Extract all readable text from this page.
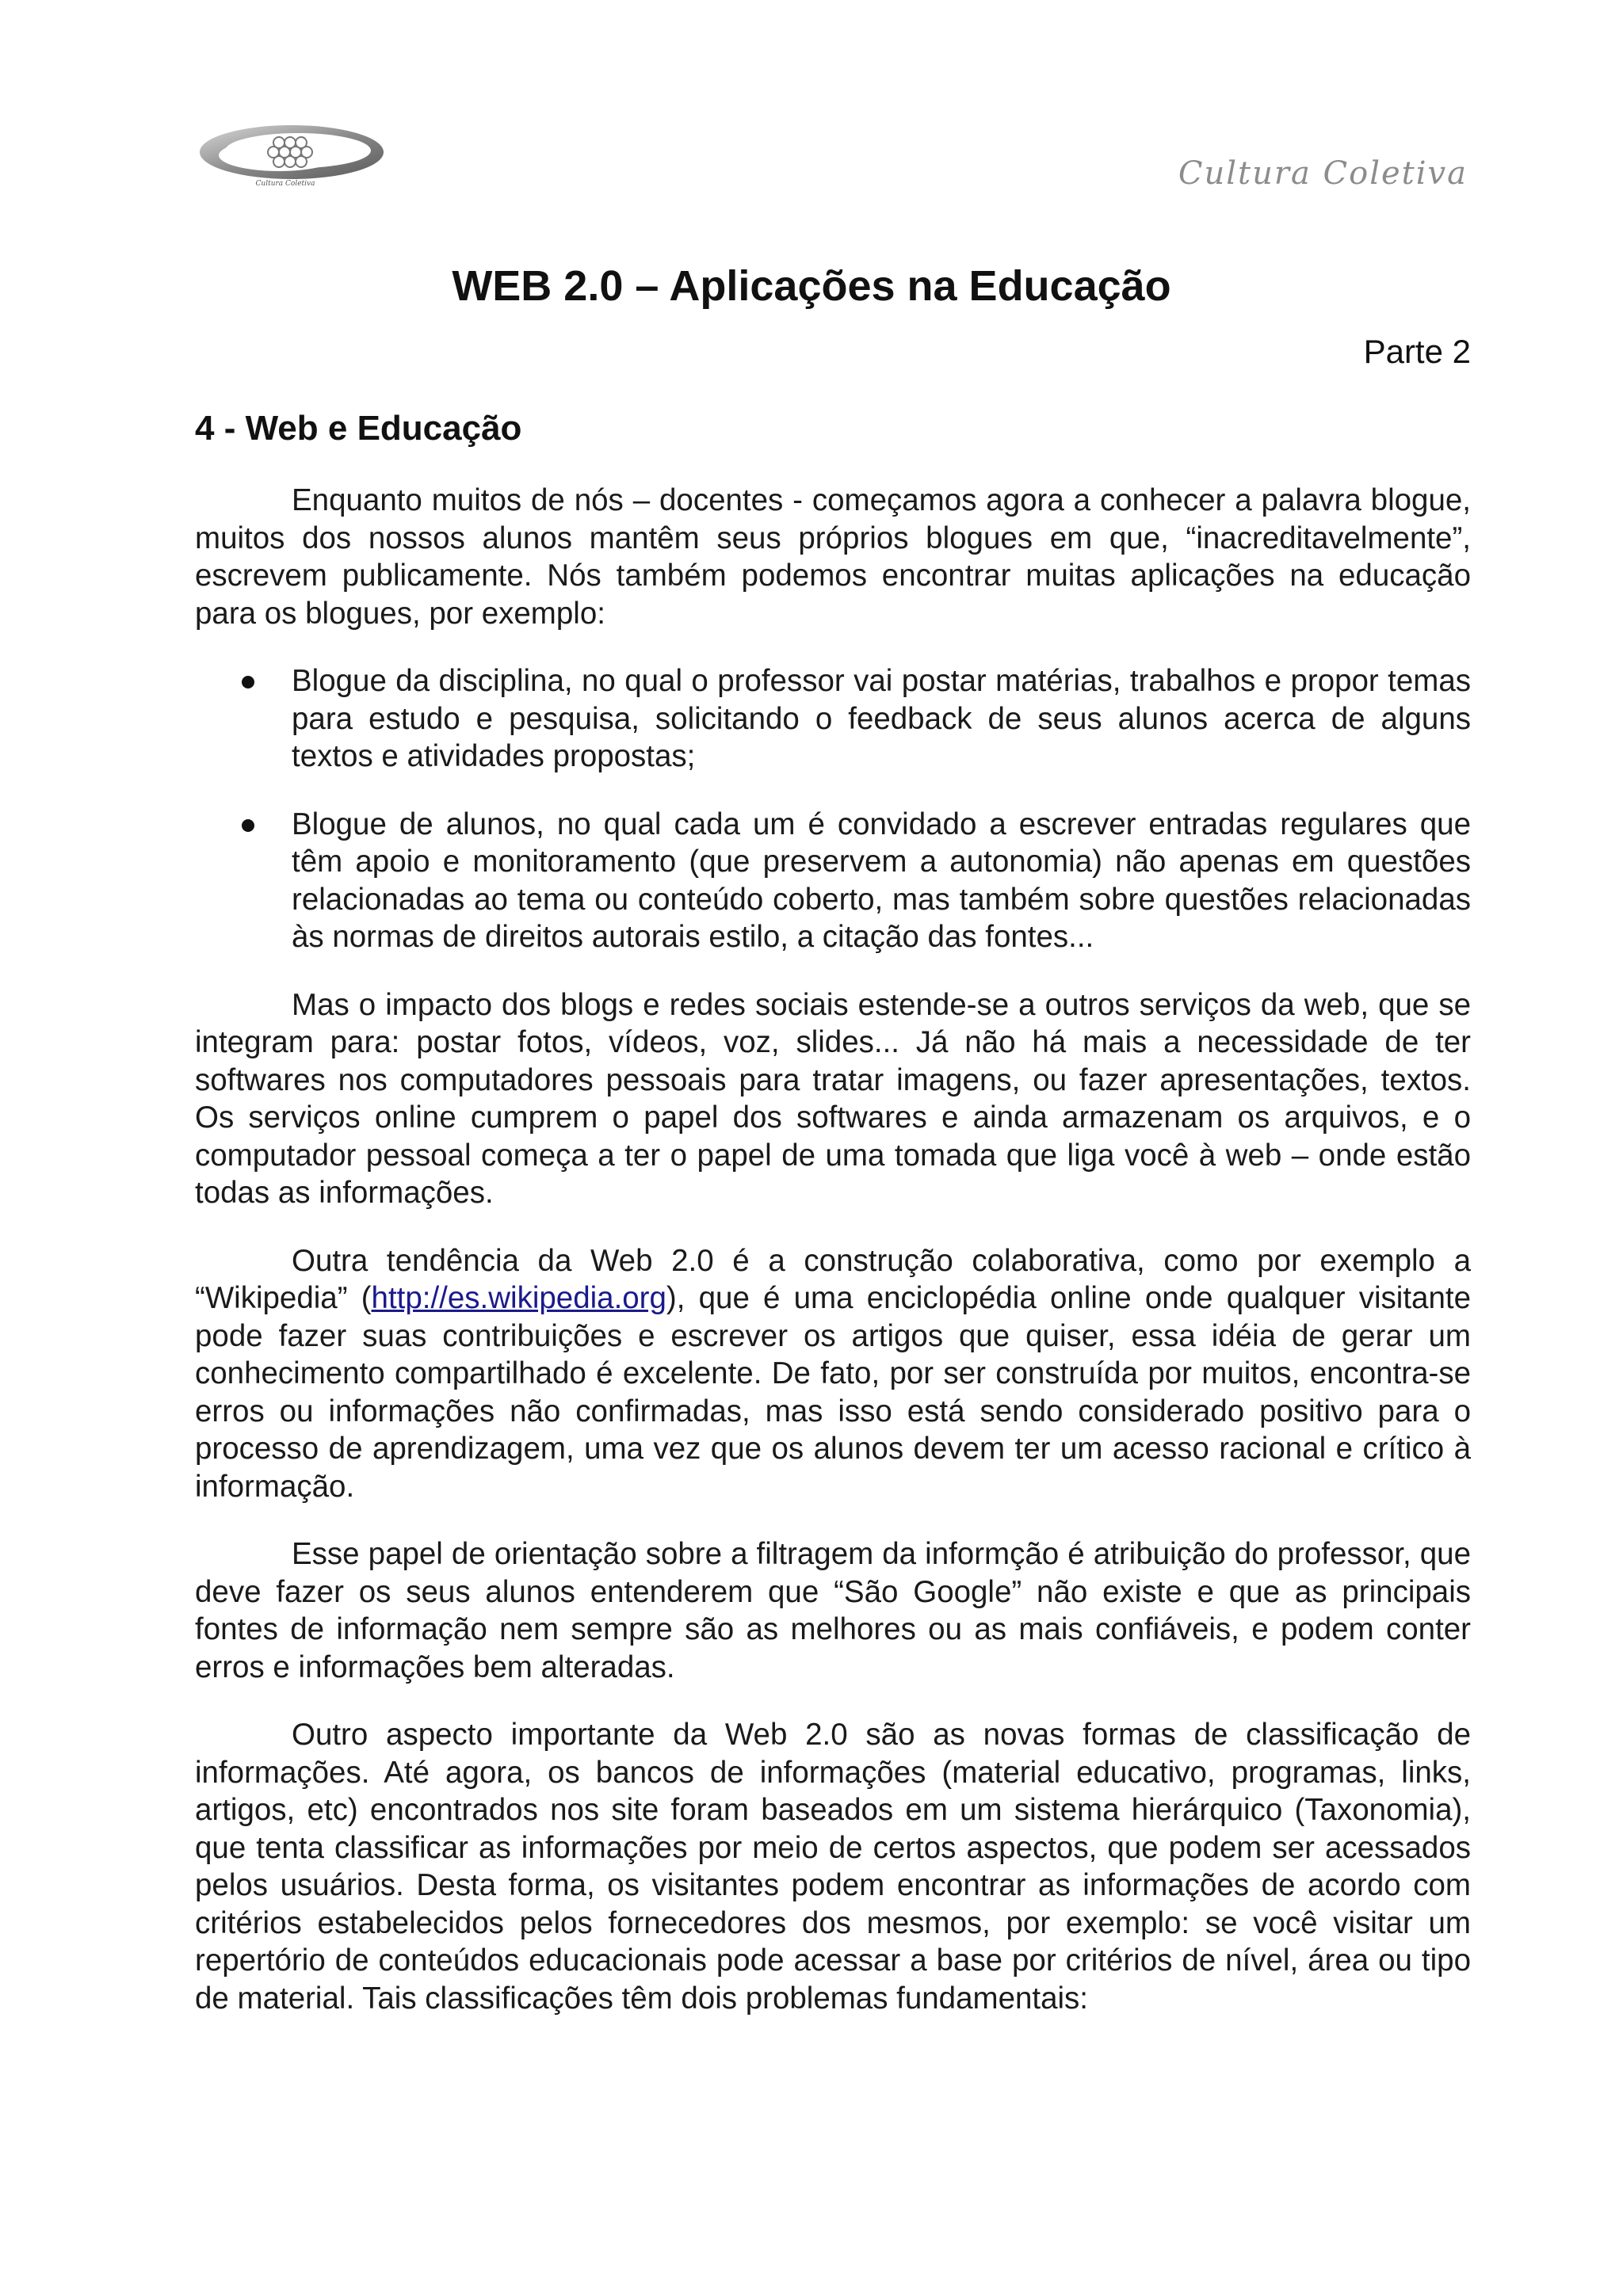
Cultura Coletiva	Cultura Coletiva
WEB 2.0 – Aplicações na Educação
Parte 2
4 - Web e Educação

Enquanto muitos de nós – docentes - começamos agora a conhecer a palavra blogue, muitos dos nossos alunos mantêm seus próprios blogues em que, “inacreditavelmente”, escrevem publicamente. Nós também podemos encontrar muitas aplicações na educação para os blogues, por exemplo:

Blogue da disciplina, no qual o professor vai postar matérias, trabalhos e propor temas para estudo e pesquisa, solicitando o feedback de seus alunos acerca de alguns textos e atividades propostas;
Blogue de alunos, no qual cada um é convidado a escrever entradas regulares que têm apoio e monitoramento (que preservem a autonomia) não apenas em questões relacionadas ao tema ou conteúdo coberto, mas também sobre questões relacionadas às normas de direitos autorais estilo, a citação das fontes...

Mas o impacto dos blogs e redes sociais estende-se a outros serviços da web, que se integram para: postar fotos, vídeos, voz, slides... Já não há mais a necessidade de ter softwares nos computadores pessoais para tratar imagens, ou fazer apresentações, textos. Os serviços online cumprem o papel dos softwares e ainda armazenam os arquivos, e o computador pessoal começa a ter o papel de uma tomada que liga você à web – onde estão todas as informações.

Outra tendência da Web 2.0 é a construção colaborativa, como por exemplo a “Wikipedia” (http://es.wikipedia.org), que é uma enciclopédia online onde qualquer visitante pode fazer suas contribuições e escrever os artigos que quiser, essa idéia de gerar um conhecimento compartilhado é excelente. De fato, por ser construída por muitos, encontra-se erros ou informações não confirmadas, mas isso está sendo considerado positivo para o processo de aprendizagem, uma vez que os alunos devem ter um acesso racional e crítico à informação.

Esse papel de orientação sobre a filtragem da informção é atribuição do professor, que deve fazer os seus alunos entenderem que “São Google” não existe e que as principais fontes de informação nem sempre são as melhores ou as mais confiáveis, e podem conter erros e informações bem alteradas.

Outro aspecto importante da Web 2.0 são as novas formas de classificação de informações. Até agora, os bancos de informações (material educativo, programas, links, artigos, etc) encontrados nos site foram baseados em um sistema hierárquico (Taxonomia), que tenta classificar as informações por meio de certos aspectos, que podem ser acessados pelos usuários. Desta forma, os visitantes podem encontrar as informações de acordo com critérios estabelecidos pelos fornecedores dos mesmos, por exemplo: se você visitar um repertório de conteúdos educacionais pode acessar a base por critérios de nível, área ou tipo de material. Tais classificações têm dois problemas fundamentais:
